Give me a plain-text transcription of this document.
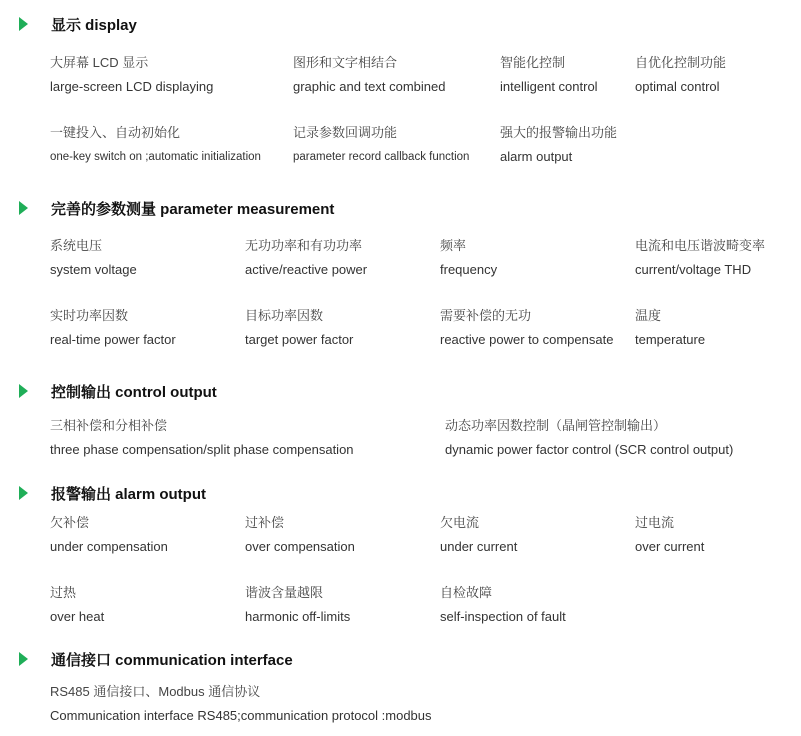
显示 display
大屏幕 LCD 显示
large-screen LCD displaying
图形和文字相结合
graphic and text combined
智能化控制
intelligent control
自优化控制功能
optimal control
一键投入、自动初始化
one-key switch on ;automatic initialization
记录参数回调功能
parameter record callback function
强大的报警输出功能
alarm output
完善的参数测量 parameter measurement
系统电压
system voltage
无功功率和有功功率
active/reactive power
频率
frequency
电流和电压谐波畸变率
current/voltage THD
实时功率因数
real-time power factor
目标功率因数
target power factor
需要补偿的无功
reactive power to compensate
温度
temperature
控制输出 control output
三相补偿和分相补偿
three phase compensation/split phase compensation
动态功率因数控制（晶闸管控制输出）
dynamic power factor control (SCR control output)
报警输出 alarm output
欠补偿
under compensation
过补偿
over compensation
欠电流
under current
过电流
over current
过热
over heat
谐波含量越限
harmonic off-limits
自检故障
self-inspection of fault
通信接口 communication interface
RS485 通信接口、Modbus 通信协议
Communication interface RS485;communication protocol :modbus
